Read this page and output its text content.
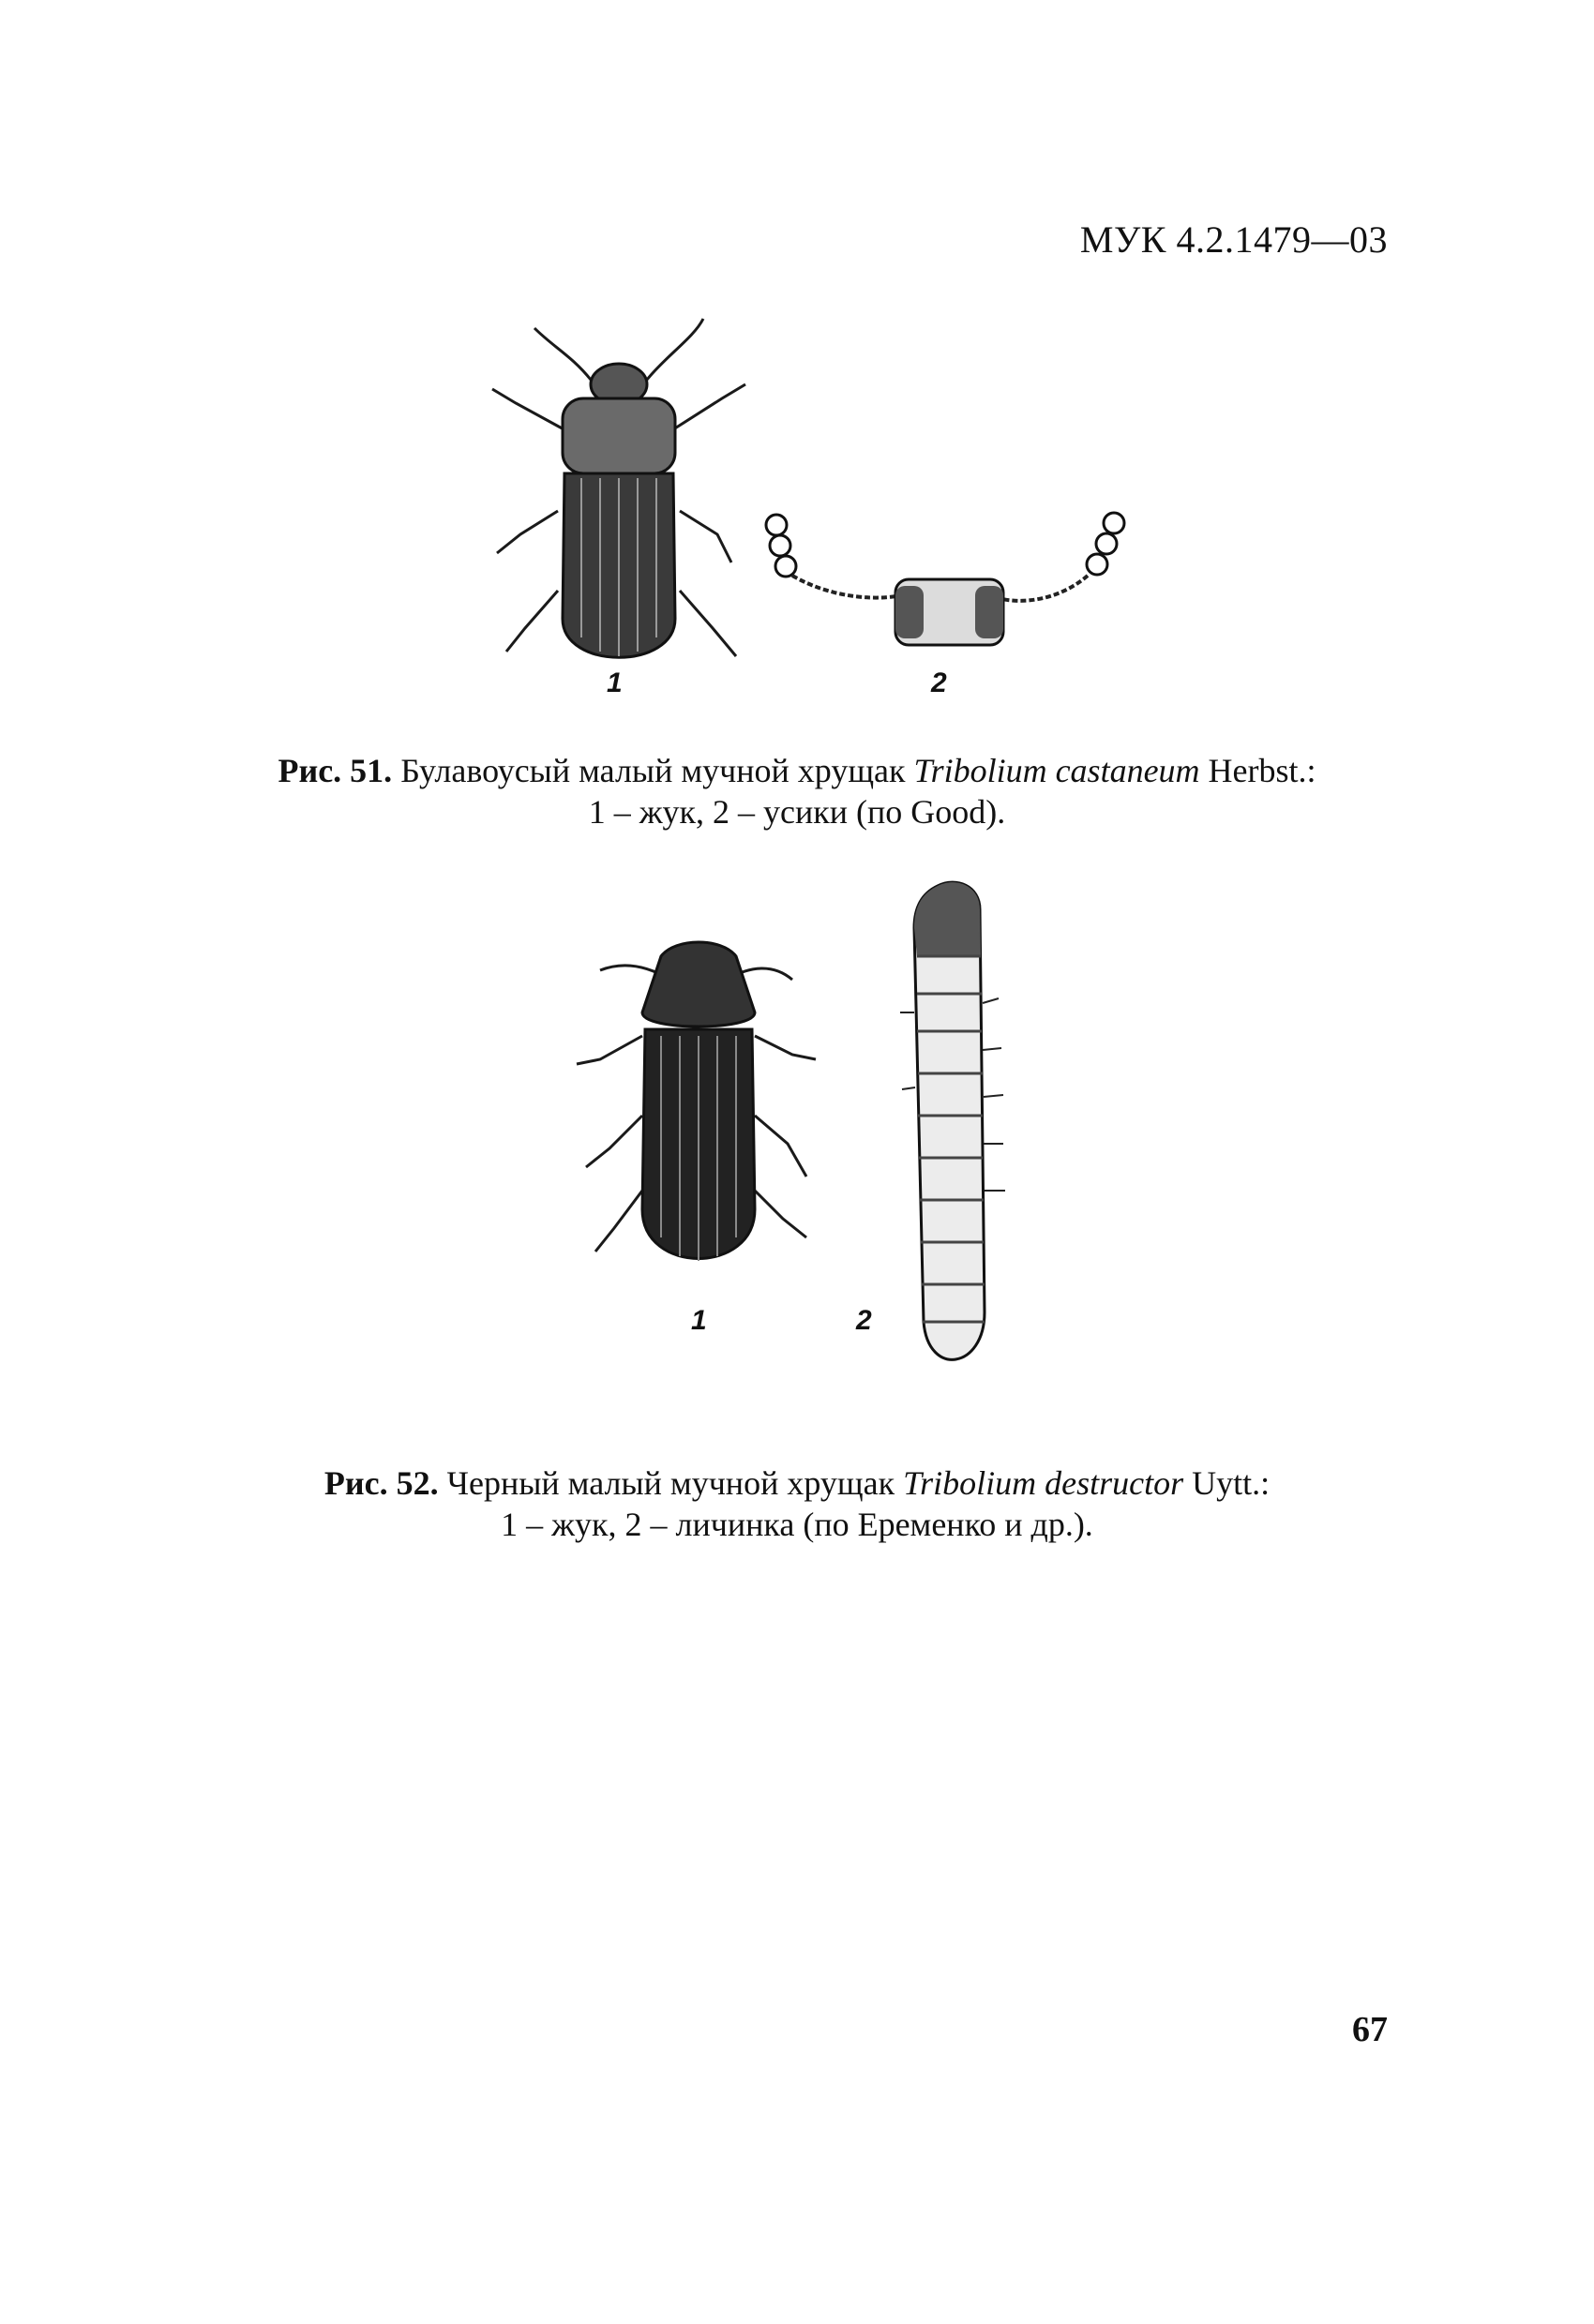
МУК 4.2.1479—03
1	2
Рис. 51. Булавоусый малый мучной хрущак Tribolium castaneum Herbst.:
1 – жук, 2 – усики (по Good).
1	2
Рис. 52. Черный малый мучной хрущак Tribolium destructor Uytt.:
1 – жук, 2 – личинка (по Еременко и др.).
67
